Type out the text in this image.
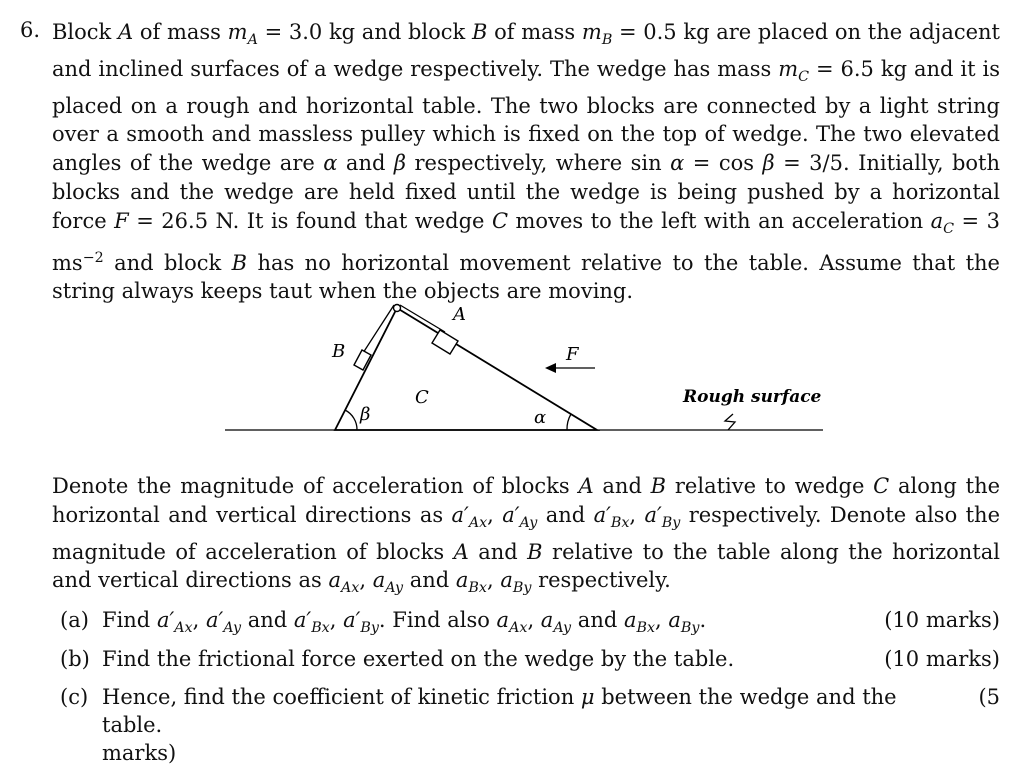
6. Block A of mass $m_A = 3.0$ kg and block B of mass $m_B = 0.5$ kg are placed on the adjacent and inclined surfaces of a wedge respectively. The wedge has mass $m_C = 6.5$ kg and it is placed on a rough and horizontal table. The two blocks are connected by a light string over a smooth and massless pulley which is fixed on the top of wedge. The two elevated angles of the wedge are α and β respectively, where sin α = cos β = 3/5. Initially, both blocks and the wedge are held fixed until the wedge is being pushed by a horizontal force F = 26.5 N. It is found that wedge C moves to the left with an acceleration $a_C = 3$ $ms^{-2}$ and block B has no horizontal movement relative to the table. Assume that the string always keeps taut when the objects are moving.
A
B
C
F
β	α
Rough surface
Denote the magnitude of acceleration of blocks A and B relative to wedge C along the horizontal and vertical directions as $a'_{Ax}$, $a'_{Ay}$ and $a'_{Bx}$, $a'_{By}$ respectively. Denote also the magnitude of acceleration of blocks A and B relative to the table along the horizontal and vertical directions as $a_{Ax}$, $a_{Ay}$ and $a_{Bx}$, $a_{By}$ respectively.
(a) Find $a'_{Ax}$, $a'_{Ay}$ and $a'_{Bx}$, $a'_{By}$. Find also $a_{Ax}$, $a_{Ay}$ and $a_{Bx}$, $a_{By}$.	(10 marks)
(b) Find the frictional force exerted on the wedge by the table.	(10 marks)
(c) Hence, find the coefficient of kinetic friction μ between the wedge and the table.
marks)
(5
